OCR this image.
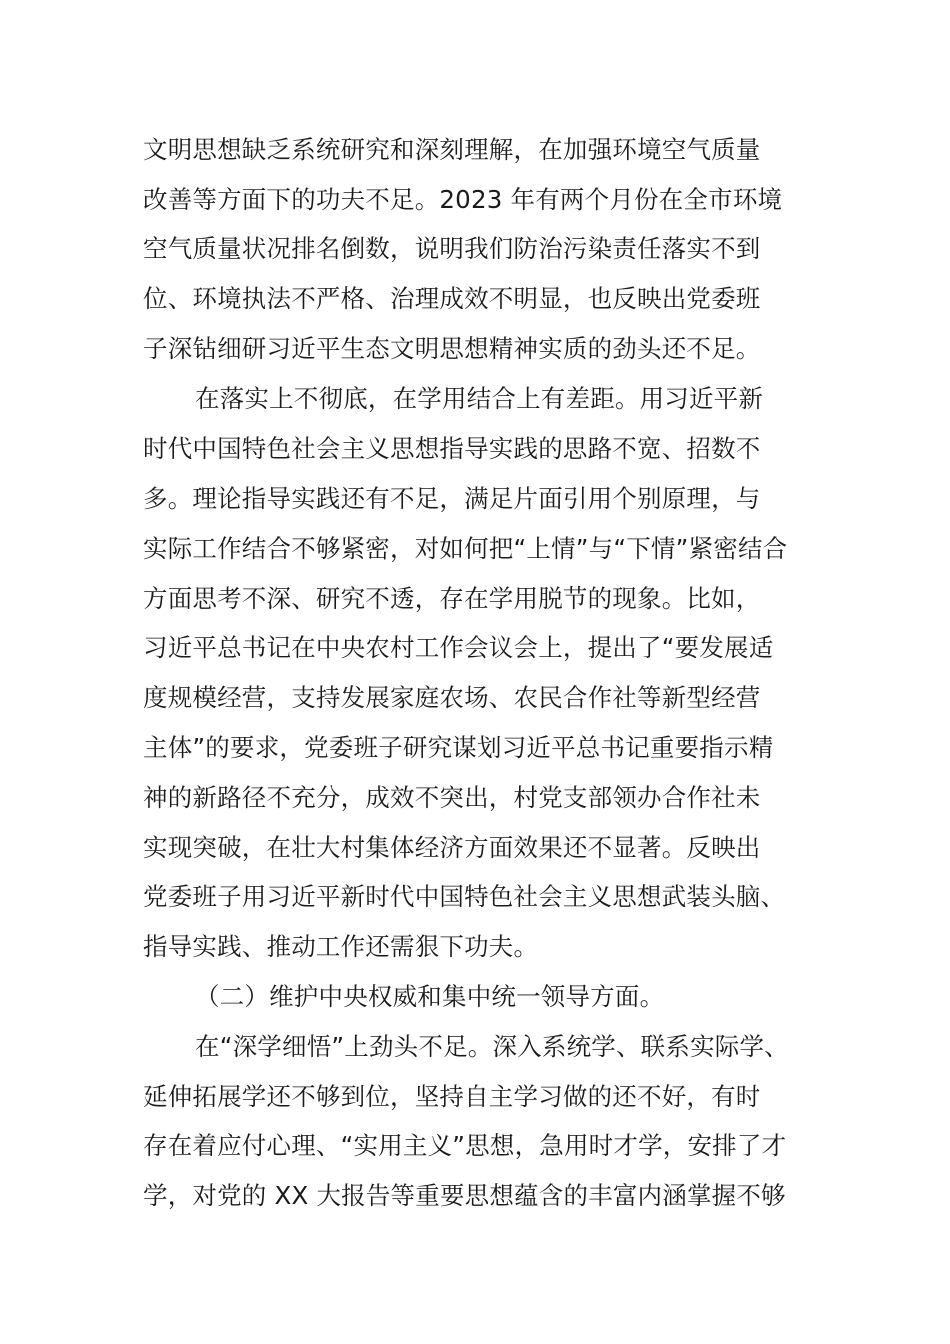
文明思想缺乏系统研究和深刻理解，在加强环境空气质量
改善等方面下的功夫不足。2023 年有两个月份在全市环境
空气质量状况排名倒数，说明我们防治污染责任落实不到
位、环境执法不严格、治理成效不明显，也反映出党委班
子深钻细研习近平生态文明思想精神实质的劲头还不足。
在落实上不彻底，在学用结合上有差距。用习近平新
时代中国特色社会主义思想指导实践的思路不宽、招数不
多。理论指导实践还有不足，满足片面引用个别原理，与
实际工作结合不够紧密，对如何把“上情”与“下情”紧密结合
方面思考不深、研究不透，存在学用脱节的现象。比如，
习近平总书记在中央农村工作会议会上，提出了“要发展适
度规模经营，支持发展家庭农场、农民合作社等新型经营
主体”的要求，党委班子研究谋划习近平总书记重要指示精
神的新路径不充分，成效不突出，村党支部领办合作社未
实现突破，在壮大村集体经济方面效果还不显著。反映出
党委班子用习近平新时代中国特色社会主义思想武装头脑、
指导实践、推动工作还需狠下功夫。
（二）维护中央权威和集中统一领导方面。
在“深学细悟”上劲头不足。深入系统学、联系实际学、
延伸拓展学还不够到位，坚持自主学习做的还不好，有时
存在着应付心理、“实用主义”思想，急用时才学，安排了才
学，对党的 XX 大报告等重要思想蕴含的丰富内涵掌握不够
